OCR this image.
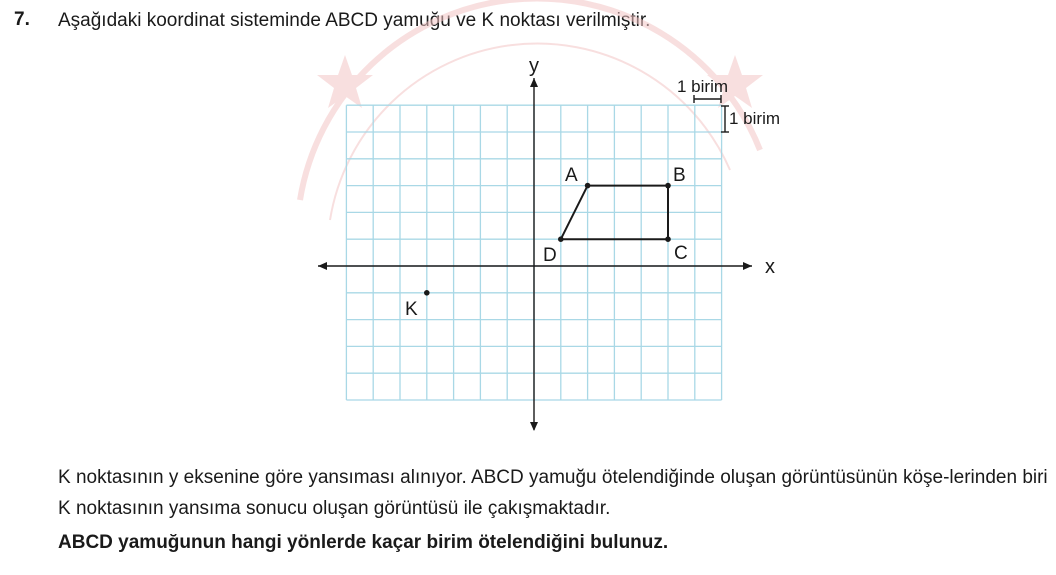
7. Aşağıdaki koordinat sisteminde ABCD yamuğu ve K noktası verilmiştir.
A	B
C
D
K
x
y
1 birim
1 birim

K noktasının y eksenine göre yansıması alınıyor. ABCD yamuğu ötelendiğinde oluşan görüntüsünün köşe-lerinden biri K noktasının yansıma sonucu oluşan görüntüsü ile çakışmaktadır.

ABCD yamuğunun hangi yönlerde kaçar birim ötelendiğini bulunuz.
